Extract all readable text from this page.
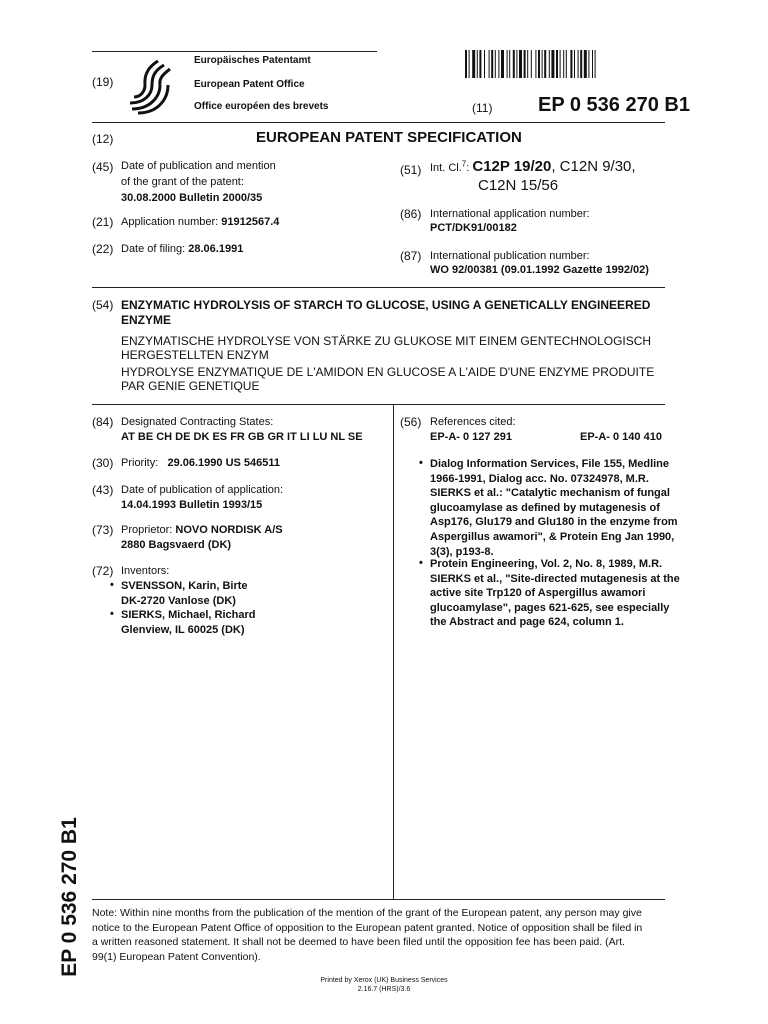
(19)
Europäisches Patentamt
European Patent Office
Office européen des brevets	(11) EP 0 536 270 B1
(12)	EUROPEAN PATENT SPECIFICATION
(45) Date of publication and mention
of the grant of the patent:
30.08.2000 Bulletin 2000/35
(21) Application number: 91912567.4
(22) Date of filing: 28.06.1991
(51) Int. Cl.$^7$: C12P 19/20, C12N 9/30,
C12N 15/56
(86) International application number:
PCT/DK91/00182
(87) International publication number:
WO 92/00381 (09.01.1992 Gazette 1992/02)
(54) ENZYMATIC HYDROLYSIS OF STARCH TO GLUCOSE, USING A GENETICALLY ENGINEERED
ENZYME
ENZYMATISCHE HYDROLYSE VON STÄRKE ZU GLUKOSE MIT EINEM GENTECHNOLOGISCH
HERGESTELLTEN ENZYM
HYDROLYSE ENZYMATIQUE DE L'AMIDON EN GLUCOSE A L'AIDE D'UNE ENZYME PRODUITE
PAR GENIE GENETIQUE
(84) Designated Contracting States:
AT BE CH DE DK ES FR GB GR IT LI LU NL SE
(30) Priority: 29.06.1990 US 546511
(43) Date of publication of application:
14.04.1993 Bulletin 1993/15
(73) Proprietor: NOVO NORDISK A/S
2880 Bagsvaerd (DK)
(72) Inventors:
• SVENSSON, Karin, Birte
DK-2720 Vanlose (DK)
• SIERKS, Michael, Richard
Glenview, IL 60025 (DK)
(56) References cited:
EP-A- 0 127 291	EP-A- 0 140 410
• Dialog Information Services, File 155, Medline
1966-1991, Dialog acc. No. 07324978, M.R.
SIERKS et al.: "Catalytic mechanism of fungal
glucoamylase as defined by mutagenesis of
Asp176, Glu179 and Glu180 in the enzyme from
Aspergillus awamori", & Protein Eng Jan 1990,
3(3), p193-8.
• Protein Engineering, Vol. 2, No. 8, 1989, M.R.
SIERKS et al., "Site-directed mutagenesis at the
active site Trp120 of Aspergillus awamori
glucoamylase", pages 621-625, see especially
the Abstract and page 624, column 1.
Note: Within nine months from the publication of the mention of the grant of the European patent, any person may give
notice to the European Patent Office of opposition to the European patent granted. Notice of opposition shall be filed in
a written reasoned statement. It shall not be deemed to have been filed until the opposition fee has been paid. (Art.
99(1) European Patent Convention).
Printed by Xerox (UK) Business Services
2.16.7 (HRS)/3.6
EP 0 536 270 B1
